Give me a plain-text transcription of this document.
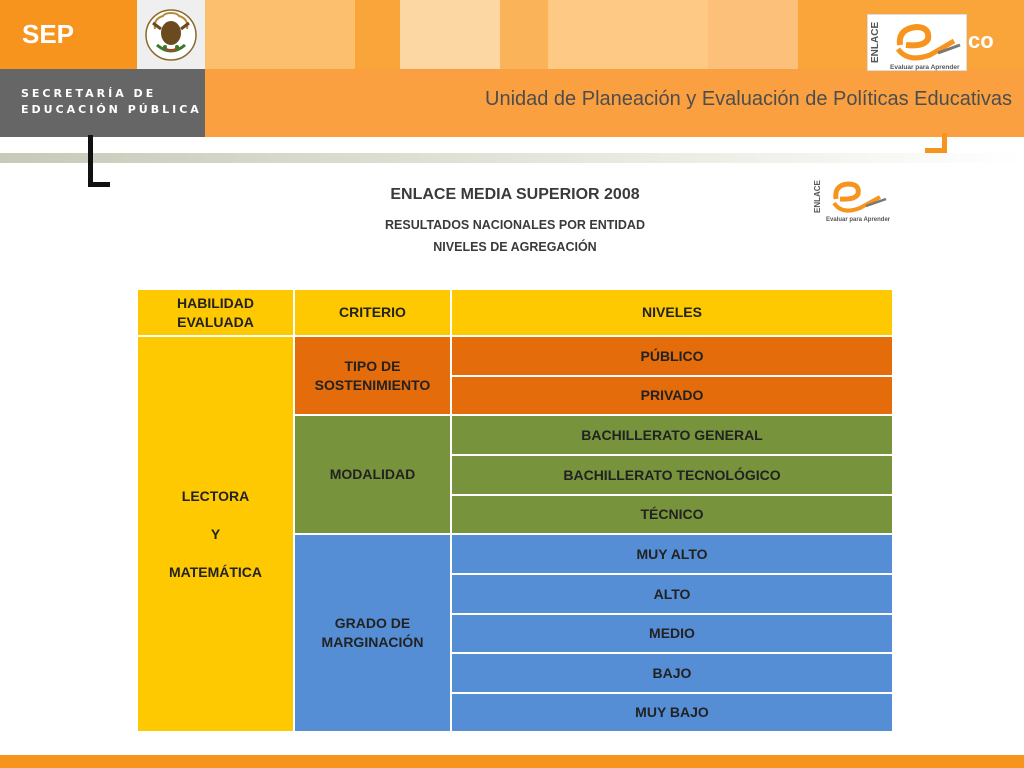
SEP
SECRETARÍA DE
EDUCACIÓN PÚBLICA	Unidad de Planeación y Evaluación de Políticas Educativas
ENLACE
Evaluar para Aprender
co
ENLACE MEDIA SUPERIOR 2008
RESULTADOS NACIONALES POR ENTIDAD
NIVELES DE AGREGACIÓN
ENLACE
Evaluar para Aprender
HABILIDAD EVALUADA
CRITERIO	NIVELES
LECTORA
Y
MATEMÁTICA
TIPO DE SOSTENIMIENTO
MODALIDAD
GRADO DE MARGINACIÓN
PÚBLICO
PRIVADO
BACHILLERATO GENERAL
BACHILLERATO TECNOLÓGICO
TÉCNICO
MUY ALTO
ALTO
MEDIO
BAJO
MUY BAJO
